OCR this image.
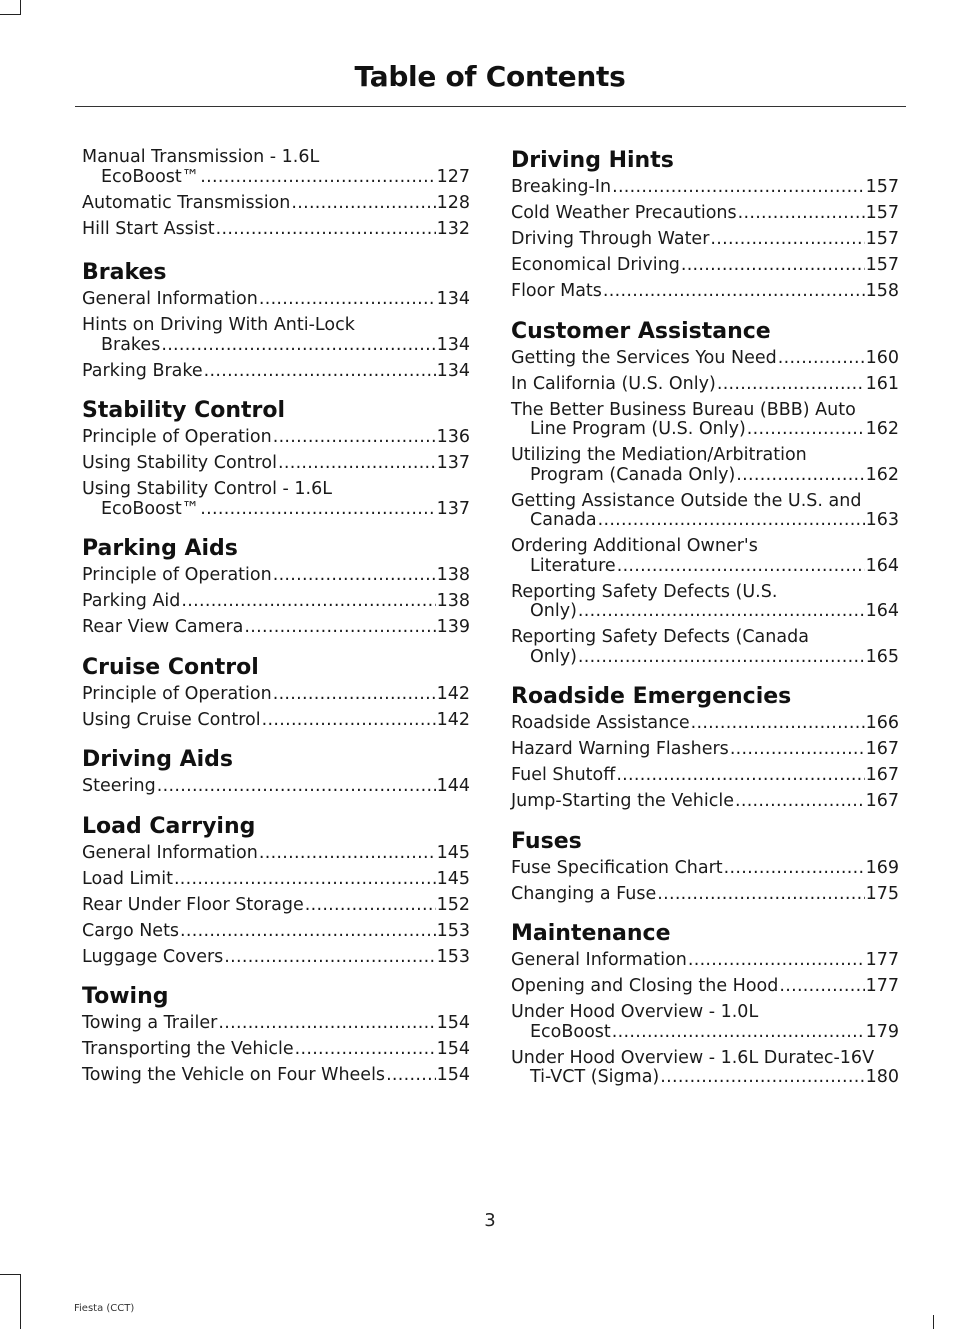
Table of Contents
Manual Transmission - 1.6L
EcoBoost™ .....	127
Automatic Transmission .....	128
Hill Start Assist .....	132
Brakes
General Information .....	134
Hints on Driving With Anti-Lock
Brakes .....	134
Parking Brake .....	134
Stability Control
Principle of Operation .....	136
Using Stability Control .....	137
Using Stability Control - 1.6L
EcoBoost™ .....	137
Parking Aids
Principle of Operation .....	138
Parking Aid .....	138
Rear View Camera .....	139
Cruise Control
Principle of Operation .....	142
Using Cruise Control .....	142
Driving Aids
Steering .....	144
Load Carrying
General Information .....	145
Load Limit .....	145
Rear Under Floor Storage .....	152
Cargo Nets .....	153
Luggage Covers .....	153
Towing
Towing a Trailer .....	154
Transporting the Vehicle .....	154
Towing the Vehicle on Four Wheels .....	154
Driving Hints
Breaking-In .....	157
Cold Weather Precautions .....	157
Driving Through Water .....	157
Economical Driving .....	157
Floor Mats .....	158
Customer Assistance
Getting the Services You Need .....	160
In California (U.S. Only) .....	161
The Better Business Bureau (BBB) Auto
Line Program (U.S. Only) .....	162
Utilizing the Mediation/Arbitration
Program (Canada Only) .....	162
Getting Assistance Outside the U.S. and
Canada .....	163
Ordering Additional Owner's
Literature .....	164
Reporting Safety Defects (U.S.
Only) .....	164
Reporting Safety Defects (Canada
Only) .....	165
Roadside Emergencies
Roadside Assistance .....	166
Hazard Warning Flashers .....	167
Fuel Shutoff .....	167
Jump-Starting the Vehicle .....	167
Fuses
Fuse Specification Chart .....	169
Changing a Fuse .....	175
Maintenance
General Information .....	177
Opening and Closing the Hood .....	177
Under Hood Overview - 1.0L
EcoBoost .....	179
Under Hood Overview - 1.6L Duratec-16V
Ti-VCT (Sigma) .....	180
3
Fiesta (CCT)
